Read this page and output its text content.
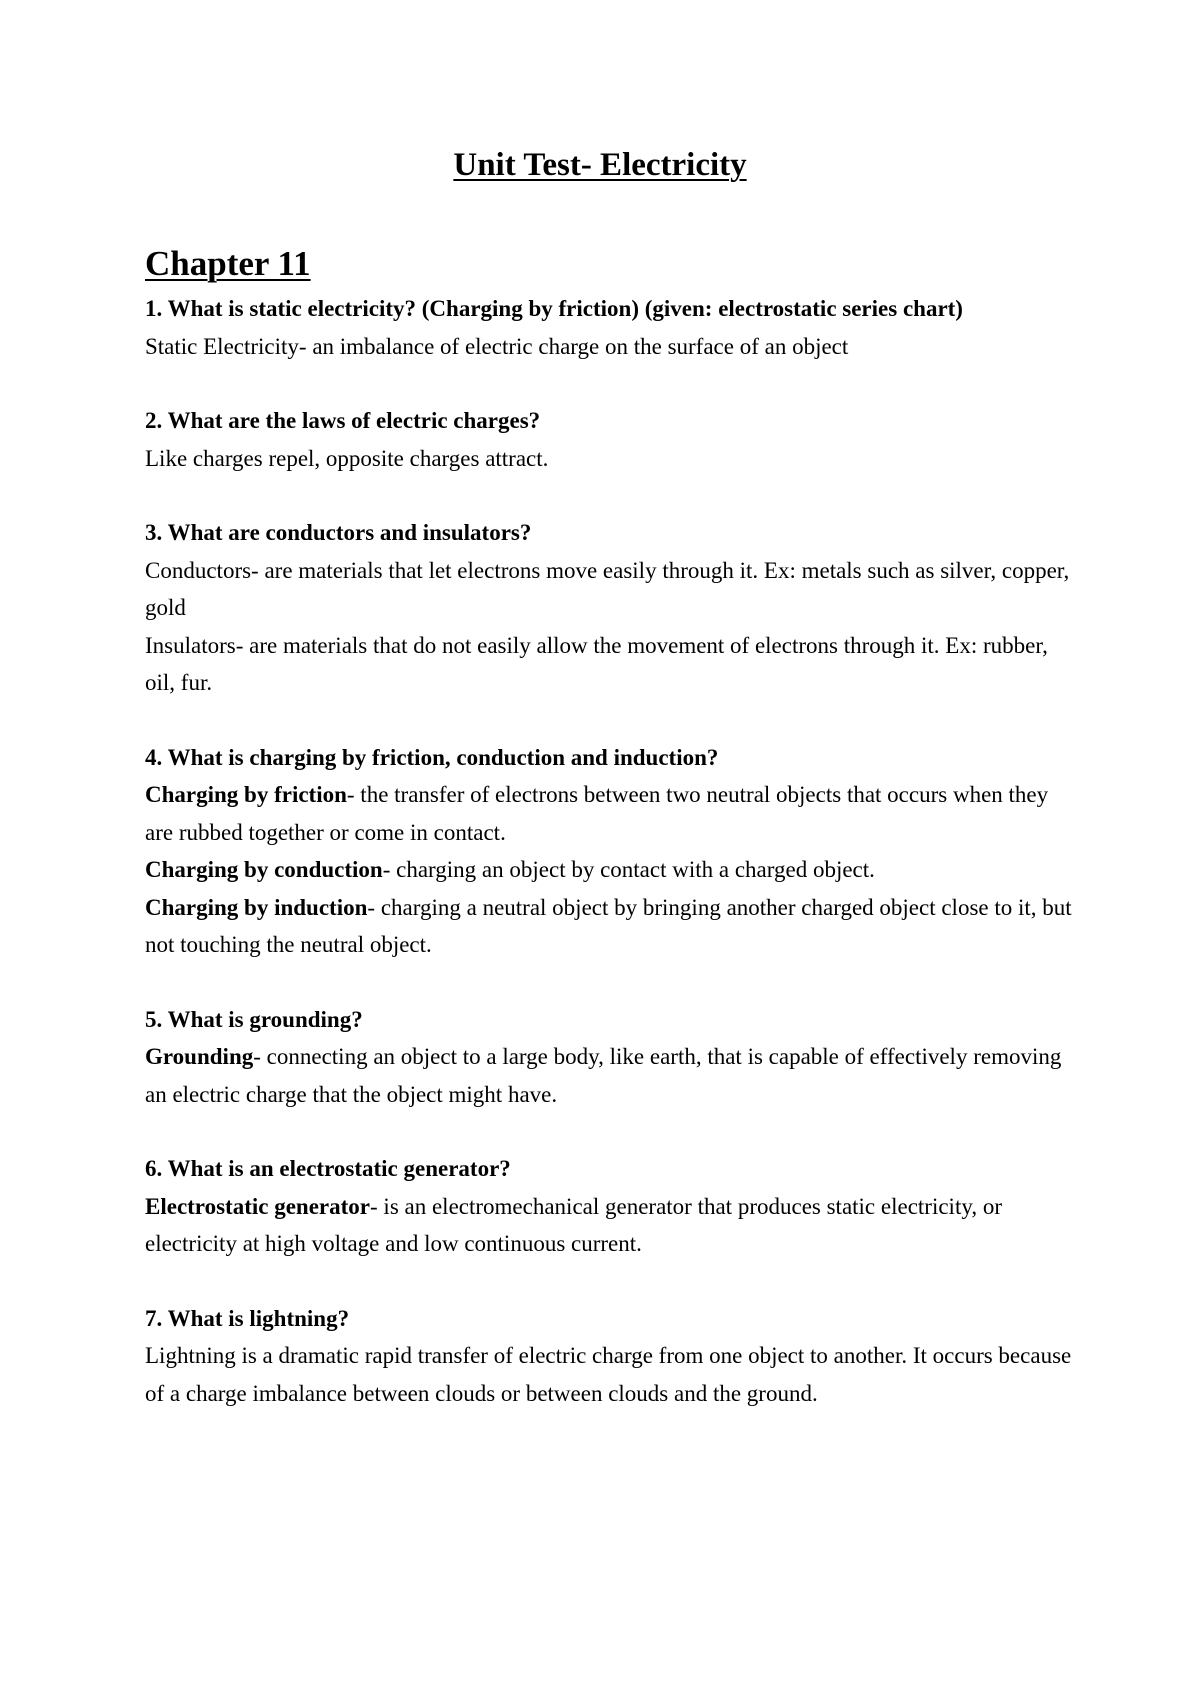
Unit Test- Electricity
Chapter 11

1. What is static electricity? (Charging by friction) (given: electrostatic series chart)

Static Electricity- an imbalance of electric charge on the surface of an object

2. What are the laws of electric charges?

Like charges repel, opposite charges attract.

3. What are conductors and insulators?

Conductors- are materials that let electrons move easily through it. Ex: metals such as silver, copper, gold

Insulators- are materials that do not easily allow the movement of electrons through it. Ex: rubber, oil, fur.

4. What is charging by friction, conduction and induction?

Charging by friction- the transfer of electrons between two neutral objects that occurs when they are rubbed together or come in contact.

Charging by conduction- charging an object by contact with a charged object.

Charging by induction- charging a neutral object by bringing another charged object close to it, but not touching the neutral object.

5. What is grounding?

Grounding- connecting an object to a large body, like earth, that is capable of effectively removing an electric charge that the object might have.

6. What is an electrostatic generator?

Electrostatic generator- is an electromechanical generator that produces static electricity, or electricity at high voltage and low continuous current.

7. What is lightning?

Lightning is a dramatic rapid transfer of electric charge from one object to another. It occurs because of a charge imbalance between clouds or between clouds and the ground.
